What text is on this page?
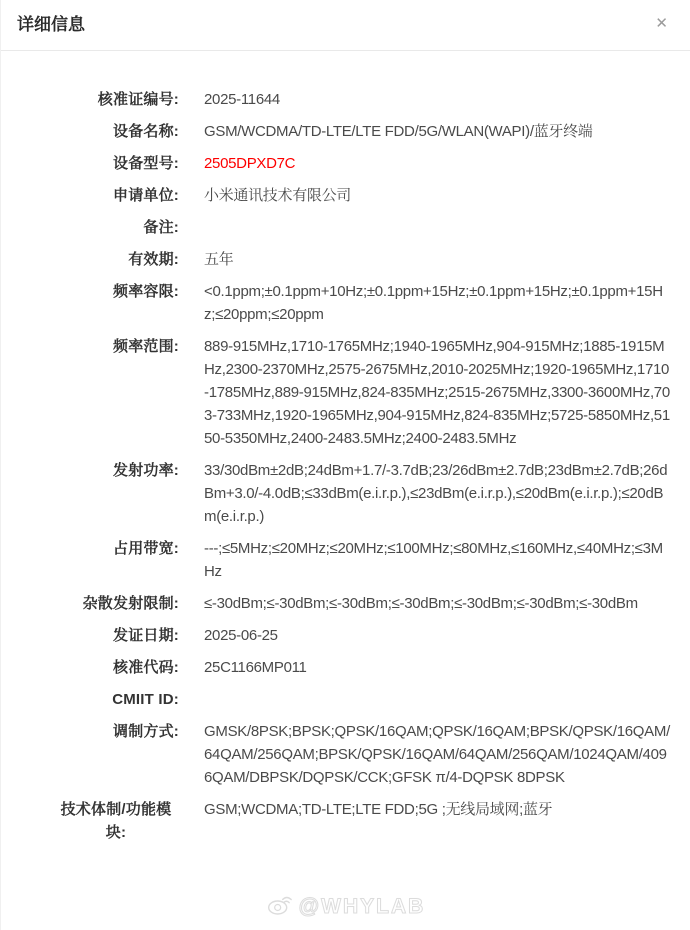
详细信息	✕
核准证编号: 2025-11644
设备名称: GSM/WCDMA/TD-LTE/LTE FDD/5G/WLAN(WAPI)/蓝牙终端
设备型号: 2505DPXD7C
申请单位: 小米通讯技术有限公司
备注:
有效期: 五年
频率容限: <0.1ppm;±0.1ppm+10Hz;±0.1ppm+15Hz;±0.1ppm+15Hz;±0.1ppm+15Hz;≤20ppm;≤20ppm
频率范围: 889-915MHz,1710-1765MHz;1940-1965MHz,904-915MHz;1885-1915MHz,2300-2370MHz,2575-2675MHz,2010-2025MHz;1920-1965MHz,1710-1785MHz,889-915MHz,824-835MHz;2515-2675MHz,3300-3600MHz,703-733MHz,1920-1965MHz,904-915MHz,824-835MHz;5725-5850MHz,5150-5350MHz,2400-2483.5MHz;2400-2483.5MHz
发射功率: 33/30dBm±2dB;24dBm+1.7/-3.7dB;23/26dBm±2.7dB;23dBm±2.7dB;26dBm+3.0/-4.0dB;≤33dBm(e.i.r.p.),≤23dBm(e.i.r.p.),≤20dBm(e.i.r.p.);≤20dBm(e.i.r.p.)
占用带宽: ---;≤5MHz;≤20MHz;≤20MHz;≤100MHz;≤80MHz,≤160MHz,≤40MHz;≤3MHz
杂散发射限制: ≤-30dBm;≤-30dBm;≤-30dBm;≤-30dBm;≤-30dBm;≤-30dBm;≤-30dBm
发证日期: 2025-06-25
核准代码: 25C1166MP011
CMIIT ID:
调制方式: GMSK/8PSK;BPSK;QPSK/16QAM;QPSK/16QAM;BPSK/QPSK/16QAM/64QAM/256QAM;BPSK/QPSK/16QAM/64QAM/256QAM/1024QAM/4096QAM/DBPSK/DQPSK/CCK;GFSK π/4-DQPSK 8DPSK
技术体制/功能模块:
GSM;WCDMA;TD-LTE;LTE FDD;5G ;无线局域网;蓝牙
@WHYLAB
